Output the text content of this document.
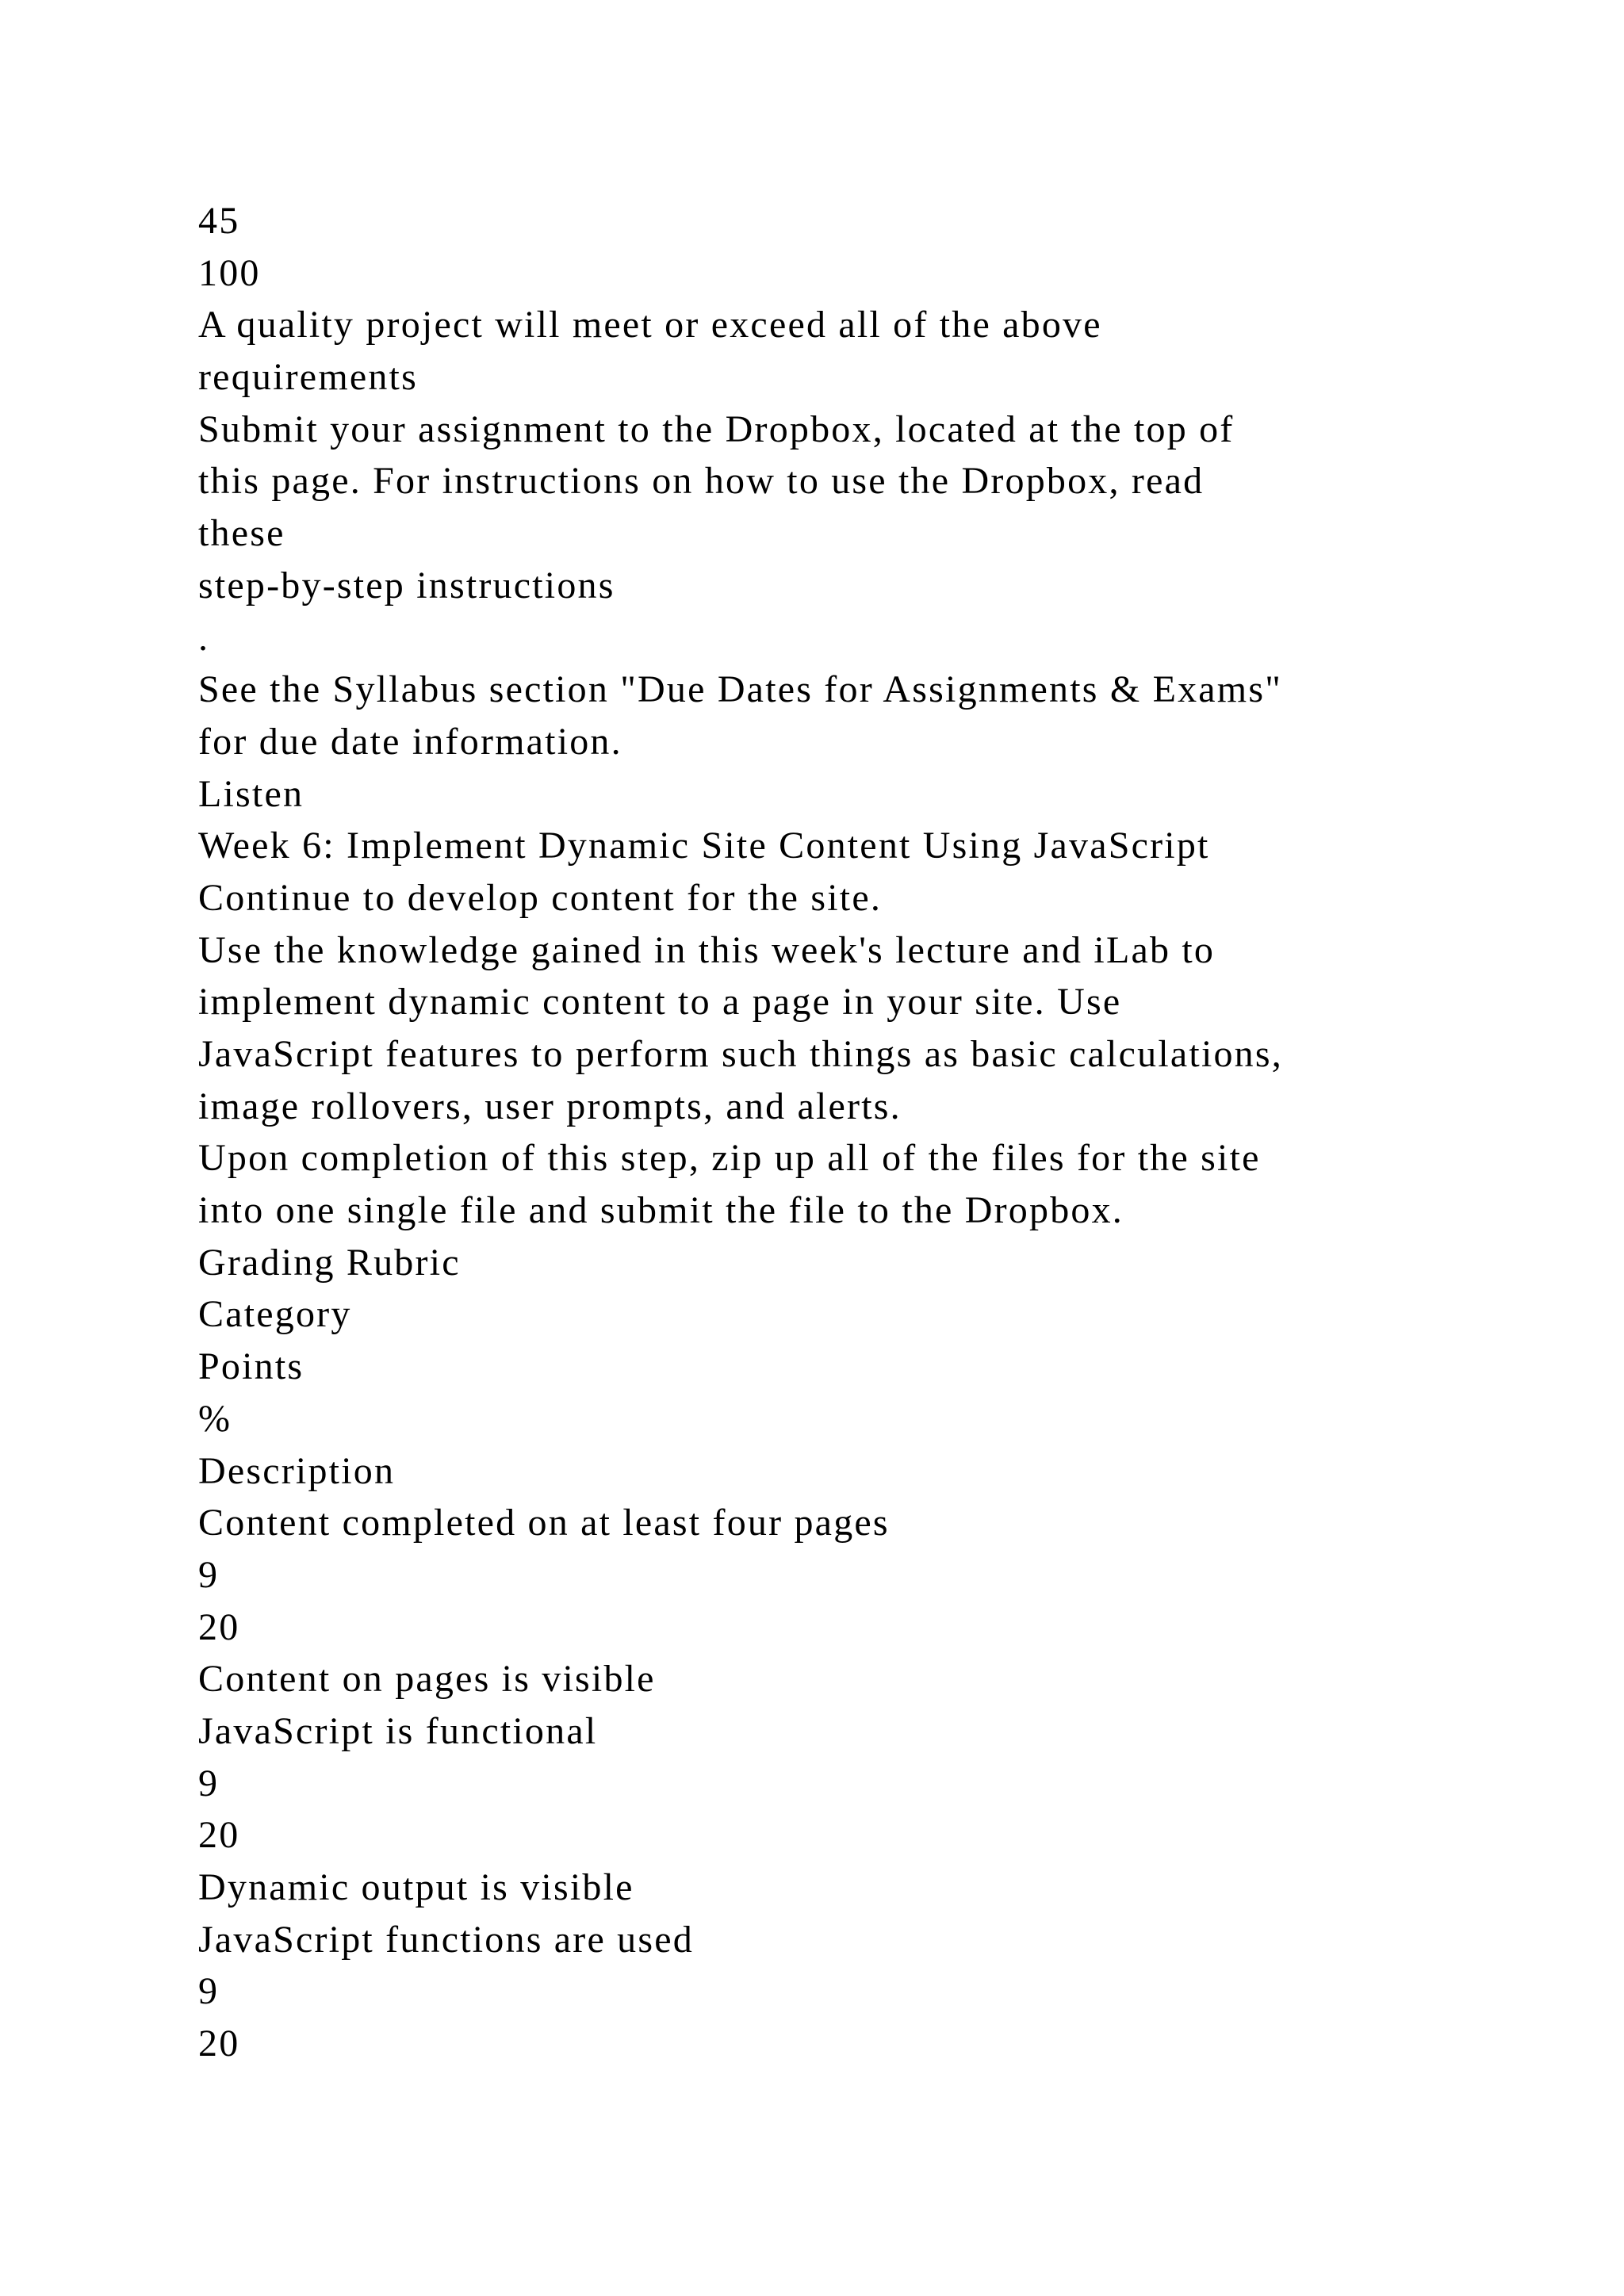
45
100
A quality project will meet or exceed all of the above
requirements
Submit your assignment to the Dropbox, located at the top of
this page. For instructions on how to use the Dropbox, read
these
step-by-step instructions
.
See the Syllabus section "Due Dates for Assignments & Exams"
for due date information.
Listen
Week 6: Implement Dynamic Site Content Using JavaScript
Continue to develop content for the site.
Use the knowledge gained in this week's lecture and iLab to
implement dynamic content to a page in your site. Use
JavaScript features to perform such things as basic calculations,
image rollovers, user prompts, and alerts.
Upon completion of this step, zip up all of the files for the site
into one single file and submit the file to the Dropbox.
Grading Rubric
Category
Points
%
Description
Content completed on at least four pages
9
20
Content on pages is visible
JavaScript is functional
9
20
Dynamic output is visible
JavaScript functions are used
9
20
